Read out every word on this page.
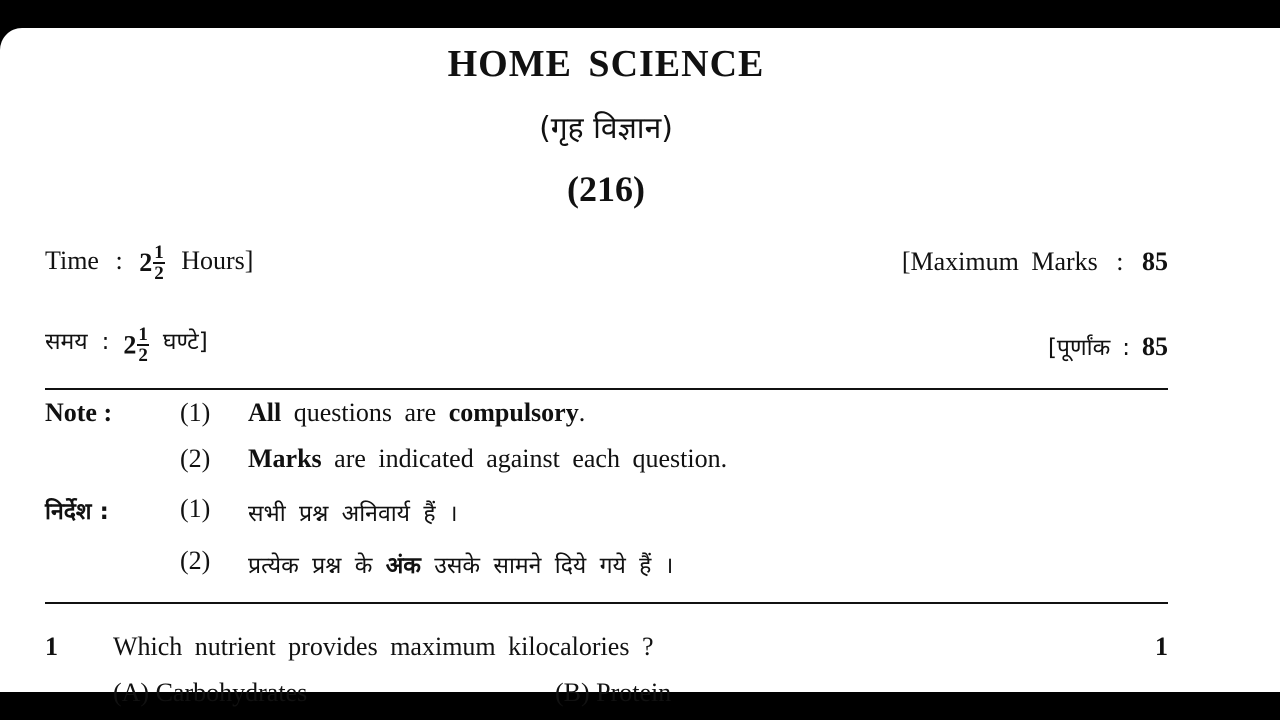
HOME SCIENCE
(गृह विज्ञान)
(216)
Time : $2 \frac{1}{2}$ Hours]	[Maximum Marks : 85
समय : $2 \frac{1}{2}$ घण्टे]	[पूर्णांक : 85
Note :	(1) All questions are compulsory.
(2) Marks are indicated against each question.
निर्देश :	(1) सभी प्रश्न अनिवार्य हैं ।
(2) प्रत्येक प्रश्न के अंक उसके सामने दिये गये हैं ।
1 Which nutrient provides maximum kilocalories ?	1
(A) Carbohydrates	(B) Protein
